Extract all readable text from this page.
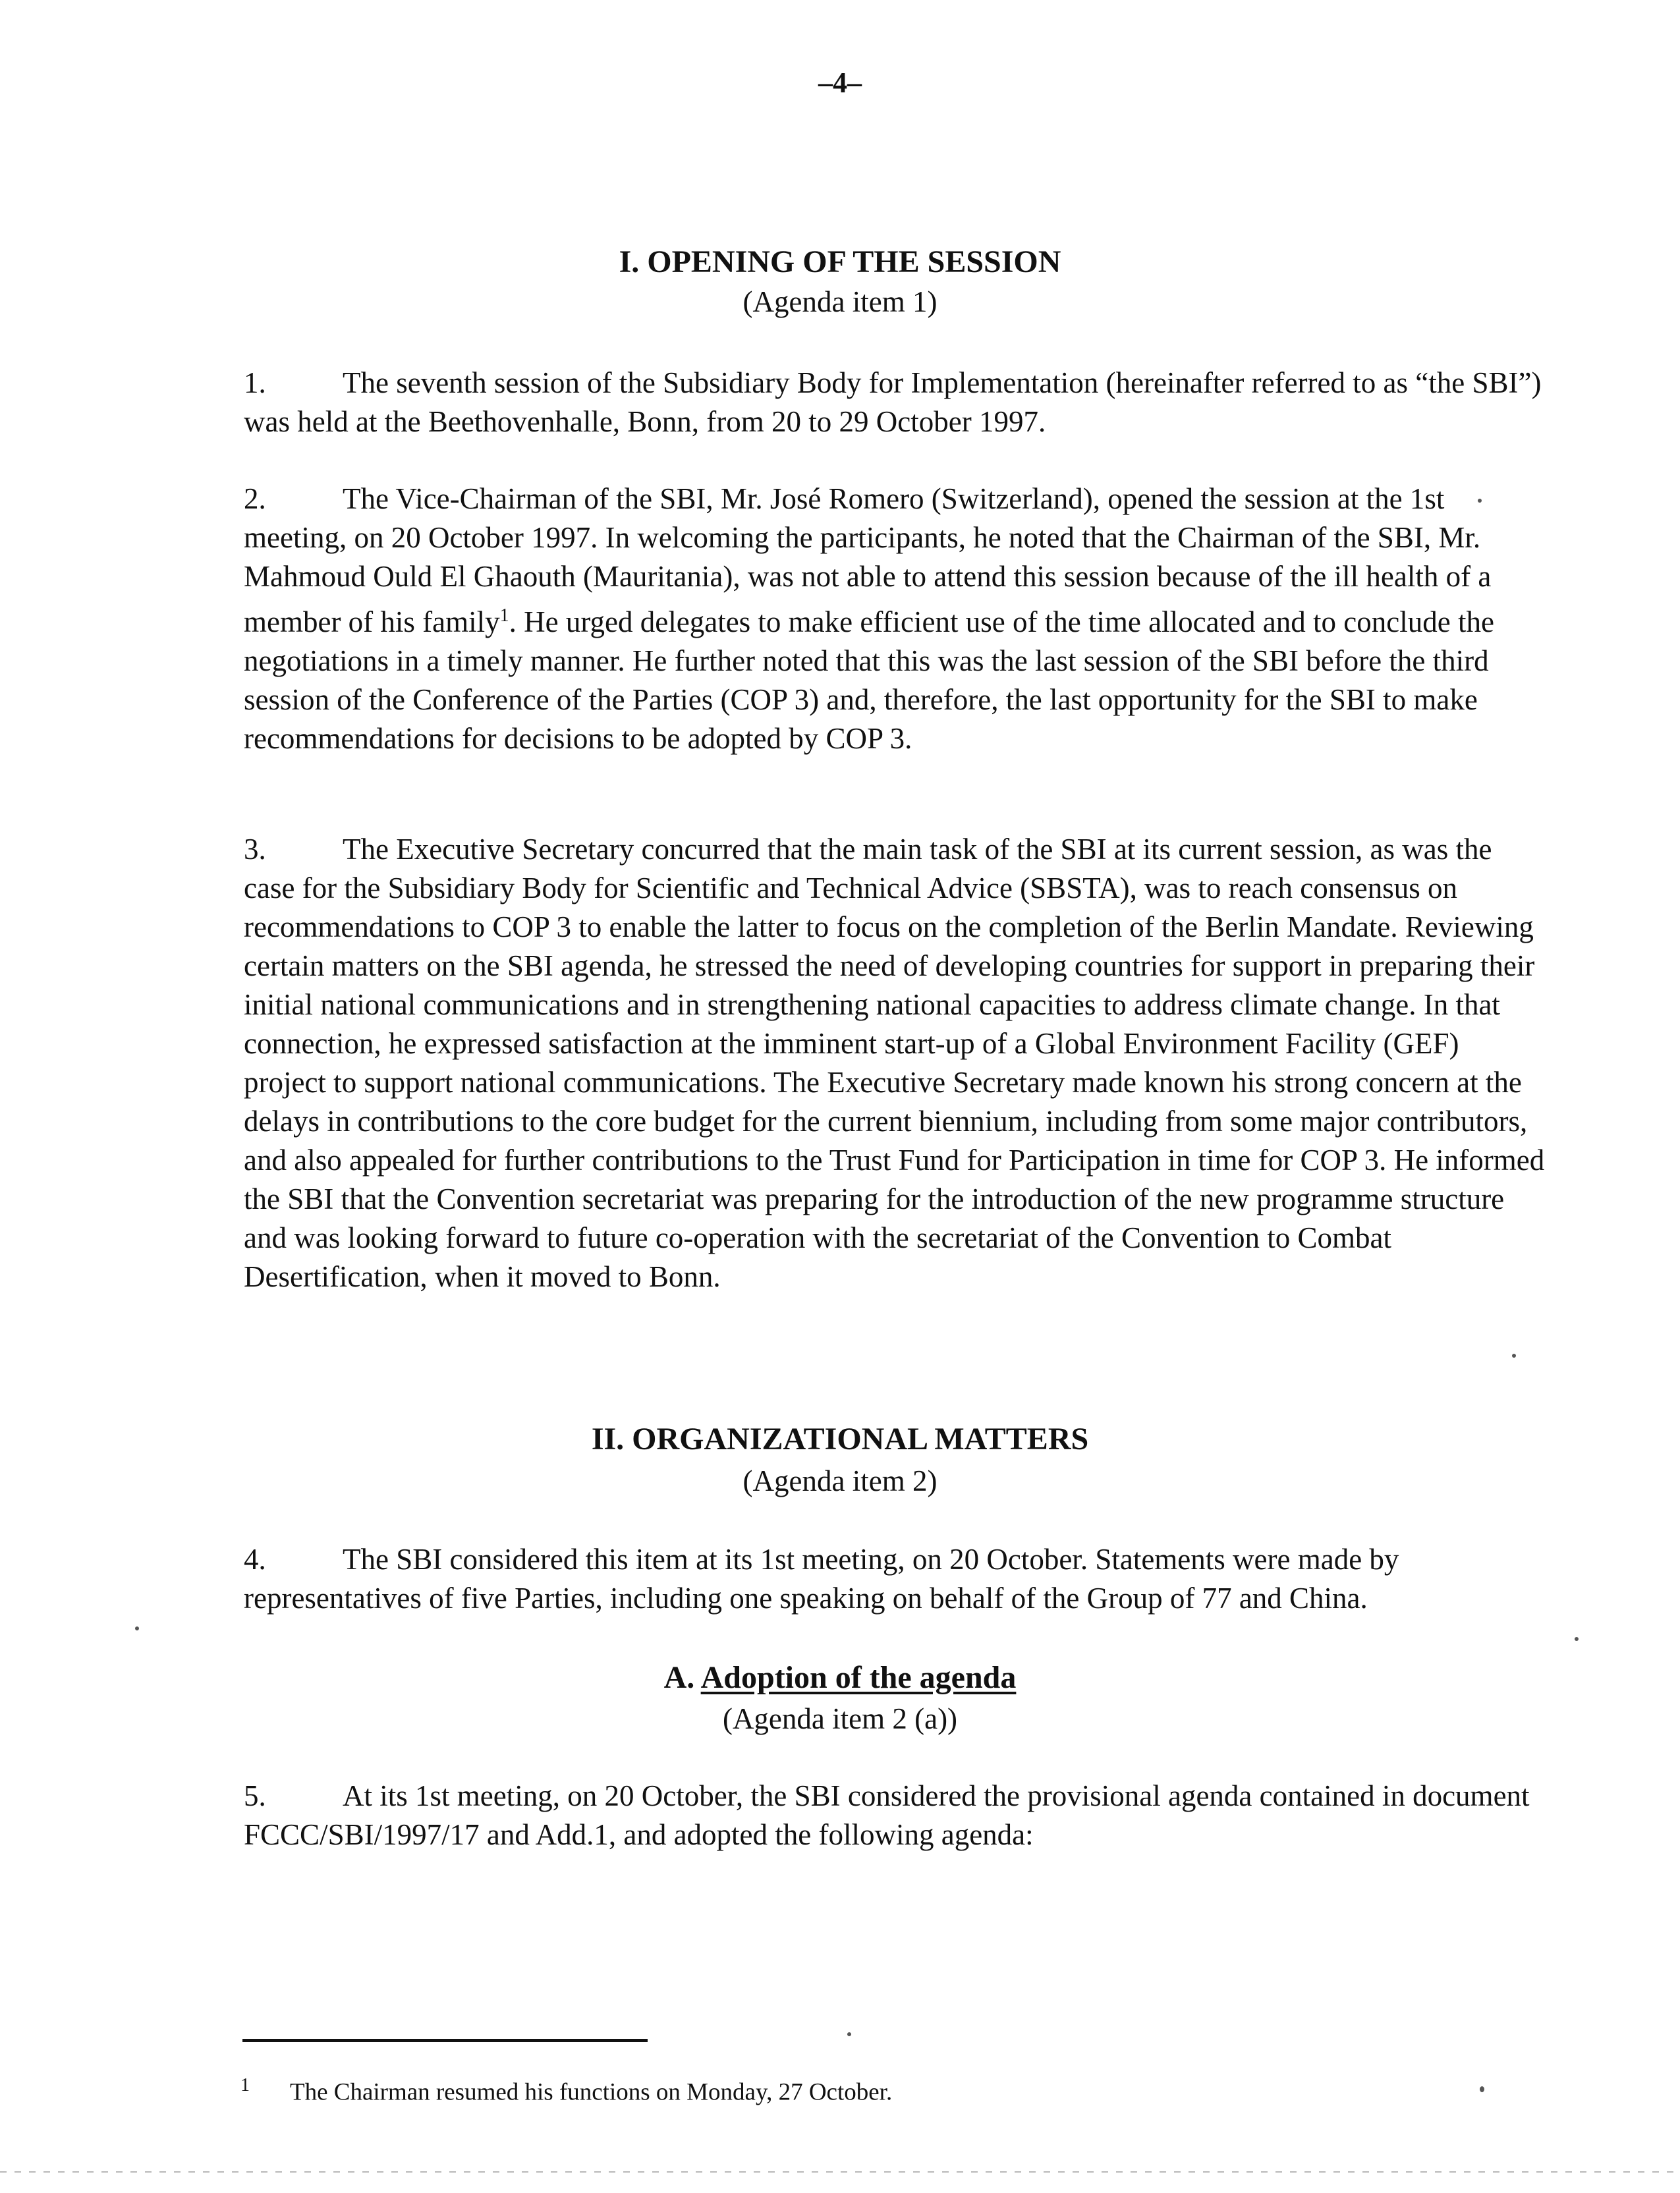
–4–
I. OPENING OF THE SESSION
(Agenda item 1)

1.	The seventh session of the Subsidiary Body for Implementation (hereinafter referred to as “the SBI”) was held at the Beethovenhalle, Bonn, from 20 to 29 October 1997.

2.	The Vice-Chairman of the SBI, Mr. José Romero (Switzerland), opened the session at the 1st meeting, on 20 October 1997. In welcoming the participants, he noted that the Chairman of the SBI, Mr. Mahmoud Ould El Ghaouth (Mauritania), was not able to attend this session because of the ill health of a member of his family$^1$. He urged delegates to make efficient use of the time allocated and to conclude the negotiations in a timely manner. He further noted that this was the last session of the SBI before the third session of the Conference of the Parties (COP 3) and, therefore, the last opportunity for the SBI to make recommendations for decisions to be adopted by COP 3.

3.	The Executive Secretary concurred that the main task of the SBI at its current session, as was the case for the Subsidiary Body for Scientific and Technical Advice (SBSTA), was to reach consensus on recommendations to COP 3 to enable the latter to focus on the completion of the Berlin Mandate. Reviewing certain matters on the SBI agenda, he stressed the need of developing countries for support in preparing their initial national communications and in strengthening national capacities to address climate change. In that connection, he expressed satisfaction at the imminent start-up of a Global Environment Facility (GEF) project to support national communications. The Executive Secretary made known his strong concern at the delays in contributions to the core budget for the current biennium, including from some major contributors, and also appealed for further contributions to the Trust Fund for Participation in time for COP 3. He informed the SBI that the Convention secretariat was preparing for the introduction of the new programme structure and was looking forward to future co-operation with the secretariat of the Convention to Combat Desertification, when it moved to Bonn.

II. ORGANIZATIONAL MATTERS
(Agenda item 2)

4.	The SBI considered this item at its 1st meeting, on 20 October. Statements were made by representatives of five Parties, including one speaking on behalf of the Group of 77 and China.

A. Adoption of the agenda
(Agenda item 2 (a))

5.	At its 1st meeting, on 20 October, the SBI considered the provisional agenda contained in document FCCC/SBI/1997/17 and Add.1, and adopted the following agenda:

1 The Chairman resumed his functions on Monday, 27 October.
